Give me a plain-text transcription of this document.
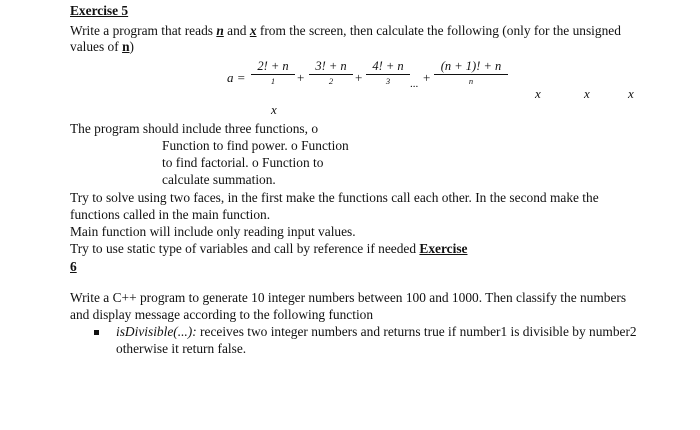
Exercise 5
Write a program that reads n and x from the screen, then calculate the following (only for the unsigned
values of n)
a =
2! + n
1	+
3! + n
2	+
4! + n
3	... +
(n + 1)! + n
n
x	x	x
x
The program should include three functions, o
Function to find power. o Function
to find factorial. o Function to
calculate summation.
Try to solve using two faces, in the first make the functions call each other. In the second make the
functions called in the main function.
Main function will include only reading input values.
Try to use static type of variables and call by reference if needed Exercise
6
Write a C++ program to generate 10 integer numbers between 100 and 1000. Then classify the numbers
and display message according to the following function
isDivisible(...): receives two integer numbers and returns true if number1 is divisible by number2
otherwise it return false.
